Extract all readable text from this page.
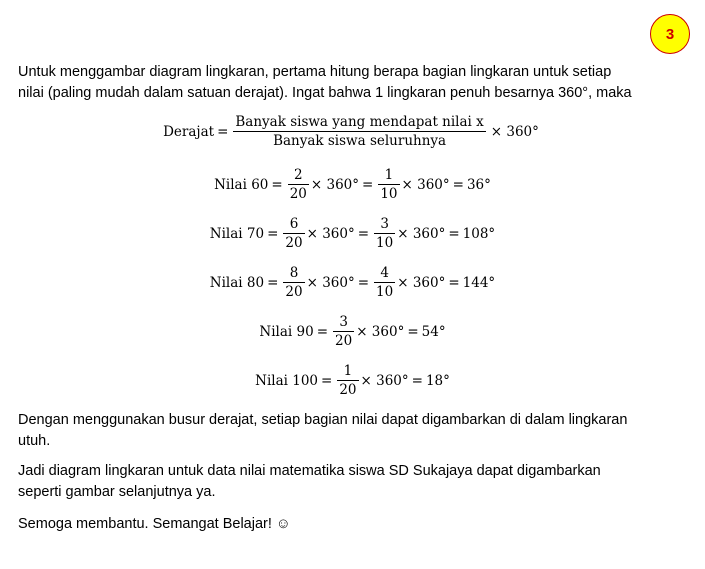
3
Untuk menggambar diagram lingkaran, pertama hitung berapa bagian lingkaran untuk setiap
nilai (paling mudah dalam satuan derajat). Ingat bahwa 1 lingkaran penuh besarnya 360°, maka
Derajat = $\frac{\text{Banyak siswa yang mendapat nilai x}}{\text{Banyak siswa seluruhnya}} \times 360^\circ$
Nilai $60 = \frac{2}{20} \times 360^\circ = \frac{1}{10} \times 360^\circ = 36^\circ$
Nilai $70 = \frac{6}{20} \times 360^\circ = \frac{3}{10} \times 360^\circ = 108^\circ$
Nilai $80 = \frac{8}{20} \times 360^\circ = \frac{4}{10} \times 360^\circ = 144^\circ$
Nilai $90 = \frac{3}{20} \times 360^\circ = 54^\circ$
Nilai $100 = \frac{1}{20} \times 360^\circ = 18^\circ$
Dengan menggunakan busur derajat, setiap bagian nilai dapat digambarkan di dalam lingkaran
utuh.
Jadi diagram lingkaran untuk data nilai matematika siswa SD Sukajaya dapat digambarkan
seperti gambar selanjutnya ya.
Semoga membantu. Semangat Belajar! ☺
